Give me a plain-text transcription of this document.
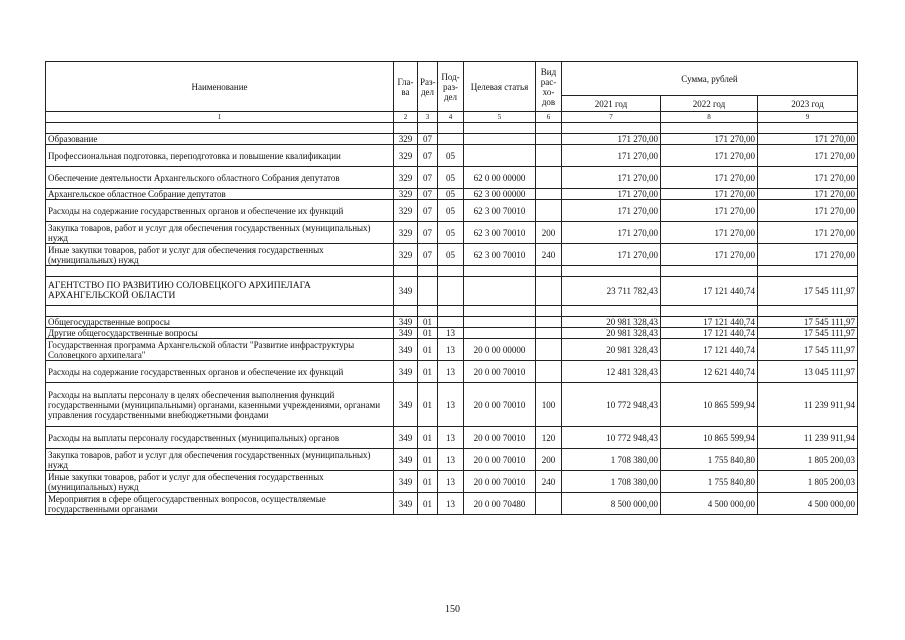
Наименование	Гла-ва	Раз-дел	Под-раз-дел	Целевая статья	Вид рас-хо-дов	Сумма, рублей		
						2021 год	2022 год	2023 год
1	2	3	4	5	6	7	8	9

Образование	329	07				171 270,00	171 270,00	171 270,00
Профессиональная подготовка, переподготовка и повышение квалификации	329	07	05			171 270,00	171 270,00	171 270,00
Обеспечение деятельности Архангельского областного Собрания депутатов	329	07	05	62 0 00 00000		171 270,00	171 270,00	171 270,00
Архангельское областное Собрание депутатов	329	07	05	62 3 00 00000		171 270,00	171 270,00	171 270,00
Расходы на содержание государственных органов и обеспечение их функций	329	07	05	62 3 00 70010		171 270,00	171 270,00	171 270,00
Закупка товаров, работ и услуг для обеспечения государственных (муниципальных) нужд	329	07	05	62 3 00 70010	200	171 270,00	171 270,00	171 270,00
Иные закупки товаров, работ и услуг для обеспечения государственных (муниципальных) нужд	329	07	05	62 3 00 70010	240	171 270,00	171 270,00	171 270,00

АГЕНТСТВО ПО РАЗВИТИЮ СОЛОВЕЦКОГО АРХИПЕЛАГА АРХАНГЕЛЬСКОЙ ОБЛАСТИ	349					23 711 782,43	17 121 440,74	17 545 111,97

Общегосударственные вопросы	349	01				20 981 328,43	17 121 440,74	17 545 111,97
Другие общегосударственные вопросы	349	01	13			20 981 328,43	17 121 440,74	17 545 111,97
Государственная программа Архангельской области "Развитие инфраструктуры Соловецкого архипелага"	349	01	13	20 0 00 00000		20 981 328,43	17 121 440,74	17 545 111,97
Расходы на содержание государственных органов и обеспечение их функций	349	01	13	20 0 00 70010		12 481 328,43	12 621 440,74	13 045 111,97
Расходы на выплаты персоналу в целях обеспечения выполнения функций государственными (муниципальными) органами, казенными учреждениями, органами управления государственными внебюджетными фондами	349	01	13	20 0 00 70010	100	10 772 948,43	10 865 599,94	11 239 911,94
Расходы на выплаты персоналу государственных (муниципальных) органов	349	01	13	20 0 00 70010	120	10 772 948,43	10 865 599,94	11 239 911,94
Закупка товаров, работ и услуг для обеспечения государственных (муниципальных) нужд	349	01	13	20 0 00 70010	200	1 708 380,00	1 755 840,80	1 805 200,03
Иные закупки товаров, работ и услуг для обеспечения государственных (муниципальных) нужд	349	01	13	20 0 00 70010	240	1 708 380,00	1 755 840,80	1 805 200,03
Мероприятия в сфере общегосударственных вопросов, осуществляемые государственными органами	349	01	13	20 0 00 70480		8 500 000,00	4 500 000,00	4 500 000,00
150
